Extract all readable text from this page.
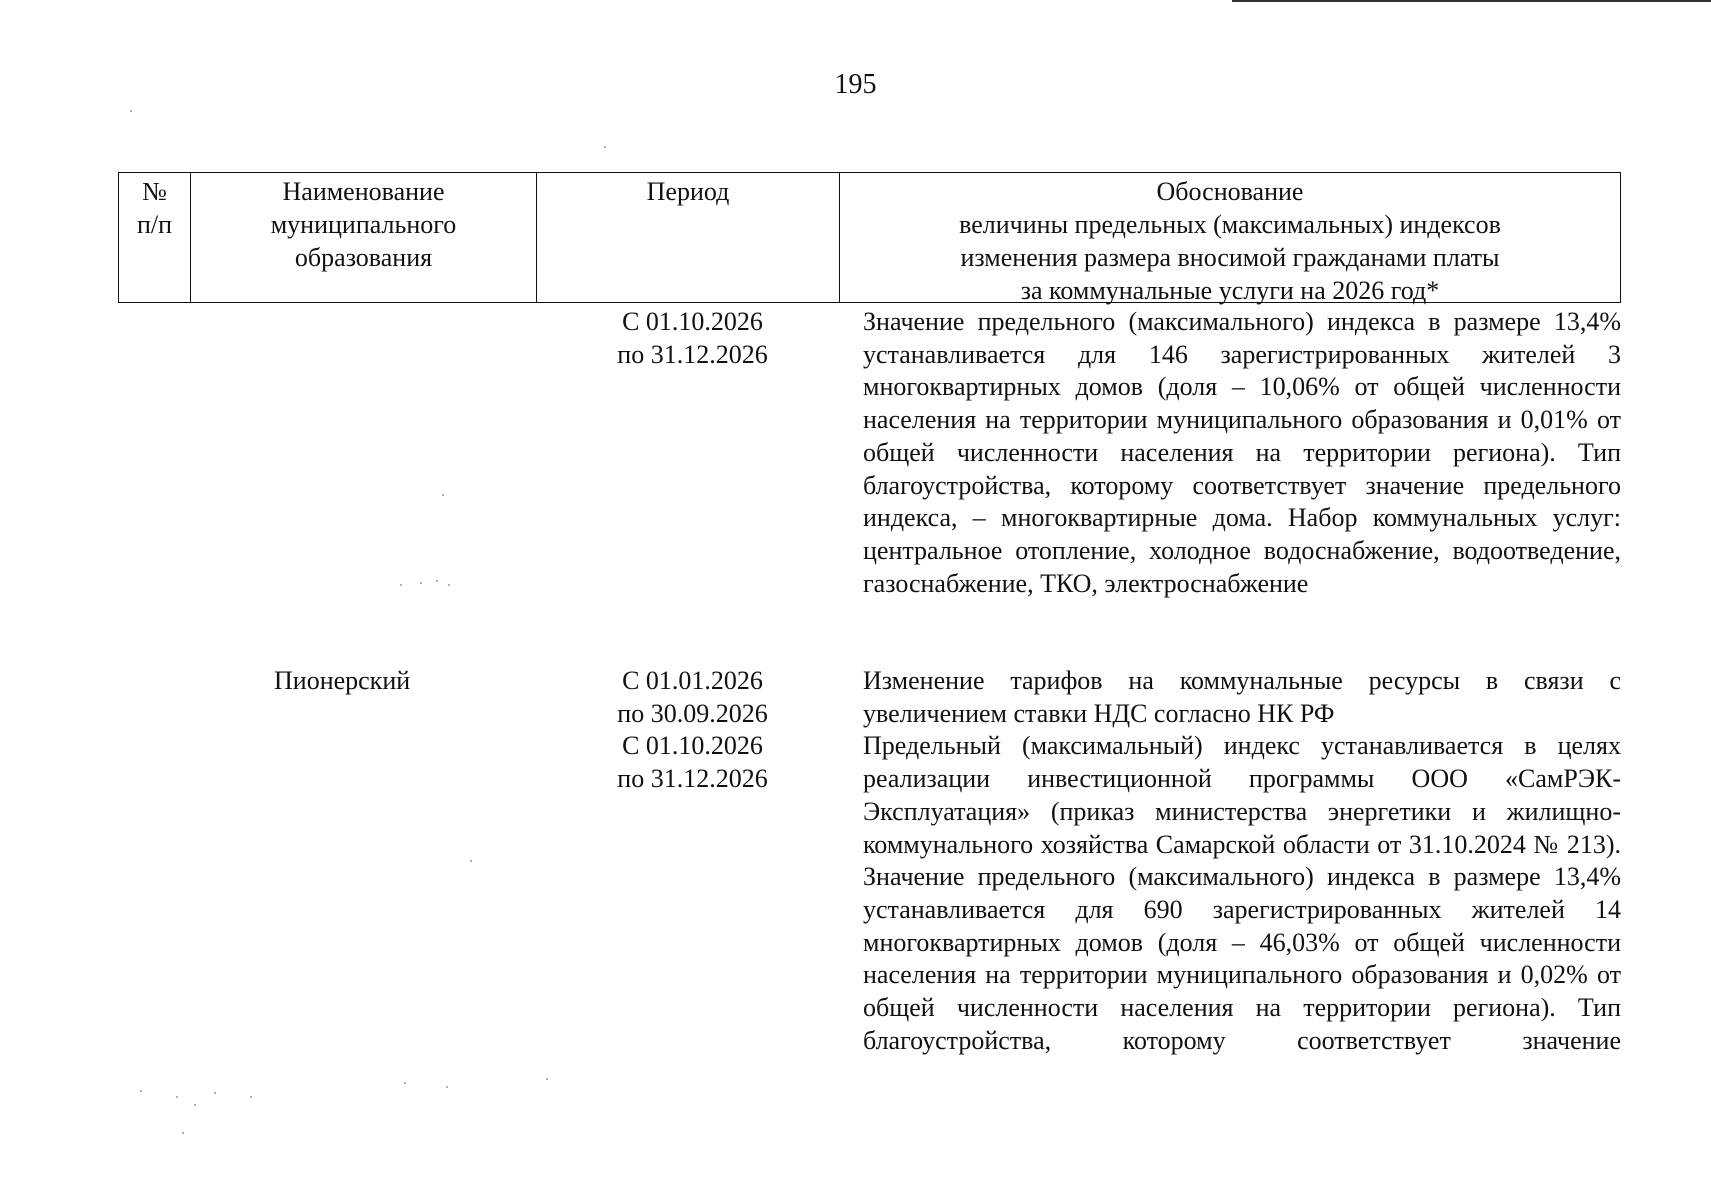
195
№
п/п
Наименование
муниципального
образования
Период	Обоснование
величины предельных (максимальных) индексов
изменения размера вносимой гражданами платы
за коммунальные услуги на 2026 год*
С 01.10.2026
по 31.12.2026
Значение предельного (максимального) индекса в размере 13,4% устанавливается для 146 зарегистрированных жителей 3 многоквартирных домов (доля – 10,06% от общей численности населения на территории муниципального образования и 0,01% от общей численности населения на территории региона). Тип благоустройства, которому соответствует значение предельного индекса, – многоквартирные дома. Набор коммунальных услуг: центральное отопление, холодное водоснабжение, водоотведение, газоснабжение, ТКО, электроснабжение
Пионерский	С 01.01.2026
по 30.09.2026
С 01.10.2026
по 31.12.2026
Изменение тарифов на коммунальные ресурсы в связи с увеличением ставки НДС согласно НК РФ
Предельный (максимальный) индекс устанавливается в целях реализации инвестиционной программы ООО «СамРЭК-Эксплуатация» (приказ министерства энергетики и жилищно-коммунального хозяйства Самарской области от 31.10.2024 № 213). Значение предельного (максимального) индекса в размере 13,4% устанавливается для 690 зарегистрированных жителей 14 многоквартирных домов (доля – 46,03% от общей численности населения на территории муниципального образования и 0,02% от общей численности населения на территории региона). Тип благоустройства, которому соответствует значение
